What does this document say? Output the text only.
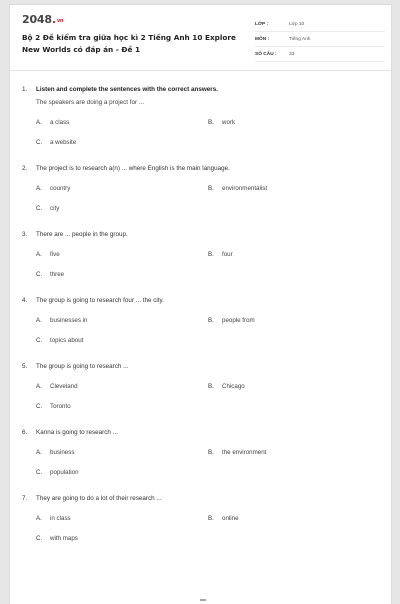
2048.vn
Bộ 2 Đề kiểm tra giữa học kì 2 Tiếng Anh 10 Explore New Worlds có đáp án - Đề 1
LỚP :	Lớp 10
MÔN :	Tiếng Anh
SỐ CÂU :	33
1.	Listen and complete the sentences with the correct answers.
The speakers are doing a project for ...
A.	a class	B.	work
C.	a website
2.	The project is to research a(n) ... where English is the main language.
A.	country	B.	environmentalist
C.	city
3.	There are ... people in the group.
A.	five	B.	four
C.	three
4.	The group is going to research four ... the city.
A.	businesses in	B.	people from
C.	topics about
5.	The group is going to research ...
A.	Cleveland	B.	Chicago
C.	Toronto
6.	Kanna is going to research ...
A.	business	B.	the environment
C.	population
7.	They are going to do a lot of their research ...
A.	in class	B.	online
C.	with maps
